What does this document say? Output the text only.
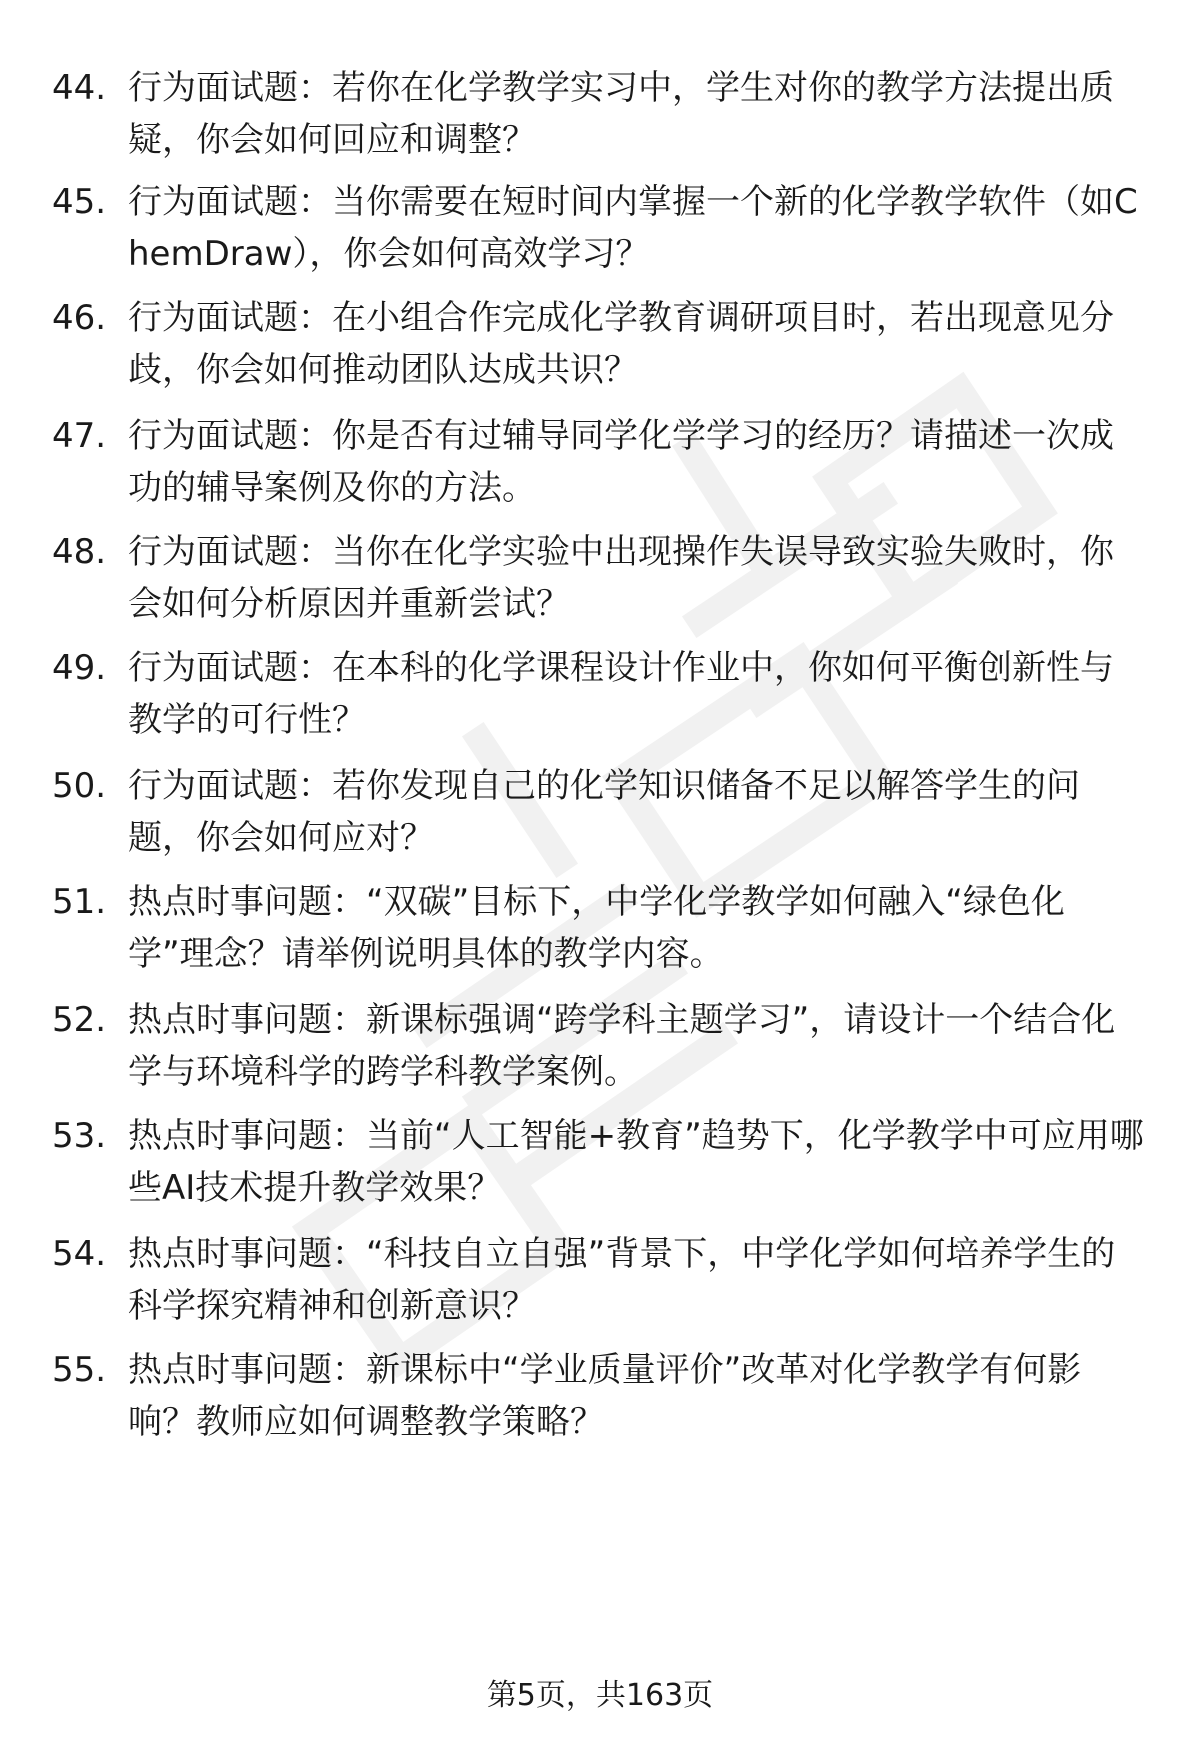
44. 行为面试题：若你在化学教学实习中，学生对你的教学方法提出质疑，你会如何回应和调整？
45. 行为面试题：当你需要在短时间内掌握一个新的化学教学软件（如ChemDraw），你会如何高效学习？
46. 行为面试题：在小组合作完成化学教育调研项目时，若出现意见分歧，你会如何推动团队达成共识？
47. 行为面试题：你是否有过辅导同学化学学习的经历？请描述一次成功的辅导案例及你的方法。
48. 行为面试题：当你在化学实验中出现操作失误导致实验失败时，你会如何分析原因并重新尝试？
49. 行为面试题：在本科的化学课程设计作业中，你如何平衡创新性与教学的可行性？
50. 行为面试题：若你发现自己的化学知识储备不足以解答学生的问题，你会如何应对？
51. 热点时事问题：“双碳”目标下，中学化学教学如何融入“绿色化学”理念？请举例说明具体的教学内容。
52. 热点时事问题：新课标强调“跨学科主题学习”，请设计一个结合化学与环境科学的跨学科教学案例。
53. 热点时事问题：当前“人工智能+教育”趋势下，化学教学中可应用哪些AI技术提升教学效果？
54. 热点时事问题：“科技自立自强”背景下，中学化学如何培养学生的科学探究精神和创新意识？
55. 热点时事问题：新课标中“学业质量评价”改革对化学教学有何影响？教师应如何调整教学策略？
第5页，共163页
